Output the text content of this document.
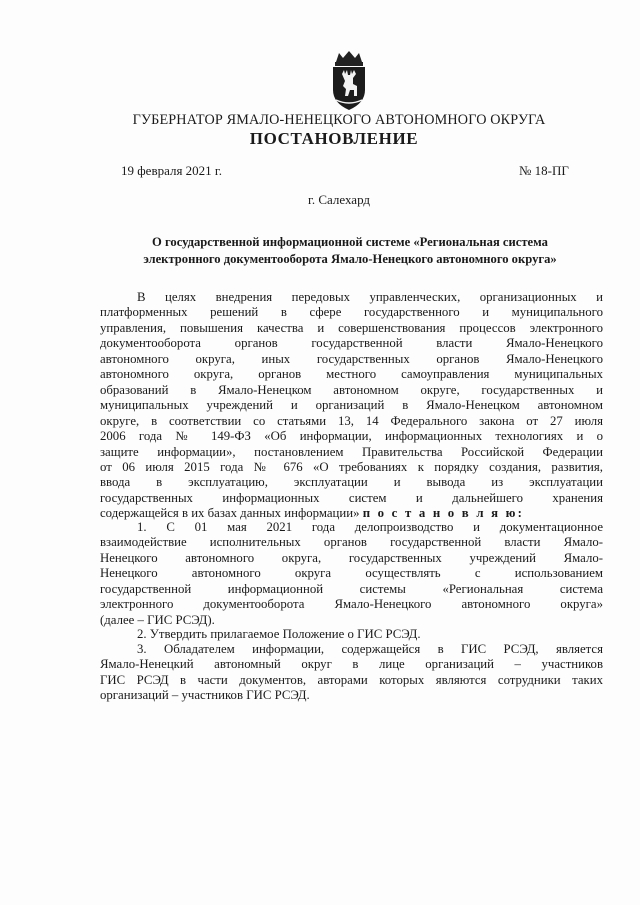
ГУБЕРНАТОР ЯМАЛО-НЕНЕЦКОГО АВТОНОМНОГО ОКРУГА
ПОСТАНОВЛЕНИЕ
19 февраля 2021 г.	№ 18-ПГ
г. Салехард
О государственной информационной системе «Региональная система
электронного документооборота Ямало-Ненецкого автономного округа»
В целях внедрения передовых управленческих, организационных и
платформенных решений в сфере государственного и муниципального
управления, повышения качества и совершенствования процессов электронного
документооборота органов государственной власти Ямало-Ненецкого
автономного округа, иных государственных органов Ямало-Ненецкого
автономного округа, органов местного самоуправления муниципальных
образований в Ямало-Ненецком автономном округе, государственных и
муниципальных учреждений и организаций в Ямало-Ненецком автономном
округе, в соответствии со статьями 13, 14 Федерального закона от 27 июля
2006 года № 149-ФЗ «Об информации, информационных технологиях и о
защите информации», постановлением Правительства Российской Федерации
от 06 июля 2015 года № 676 «О требованиях к порядку создания, развития,
ввода в эксплуатацию, эксплуатации и вывода из эксплуатации
государственных информационных систем и дальнейшего хранения
содержащейся в их базах данных информации» п о с т а н о в л я ю:
1. С 01 мая 2021 года делопроизводство и документационное
взаимодействие исполнительных органов государственной власти Ямало-
Ненецкого автономного округа, государственных учреждений Ямало-
Ненецкого автономного округа осуществлять с использованием
государственной информационной системы «Региональная система
электронного документооборота Ямало-Ненецкого автономного округа»
(далее – ГИС РСЭД).
2. Утвердить прилагаемое Положение о ГИС РСЭД.
3. Обладателем информации, содержащейся в ГИС РСЭД, является
Ямало-Ненецкий автономный округ в лице организаций – участников
ГИС РСЭД в части документов, авторами которых являются сотрудники таких
организаций – участников ГИС РСЭД.
